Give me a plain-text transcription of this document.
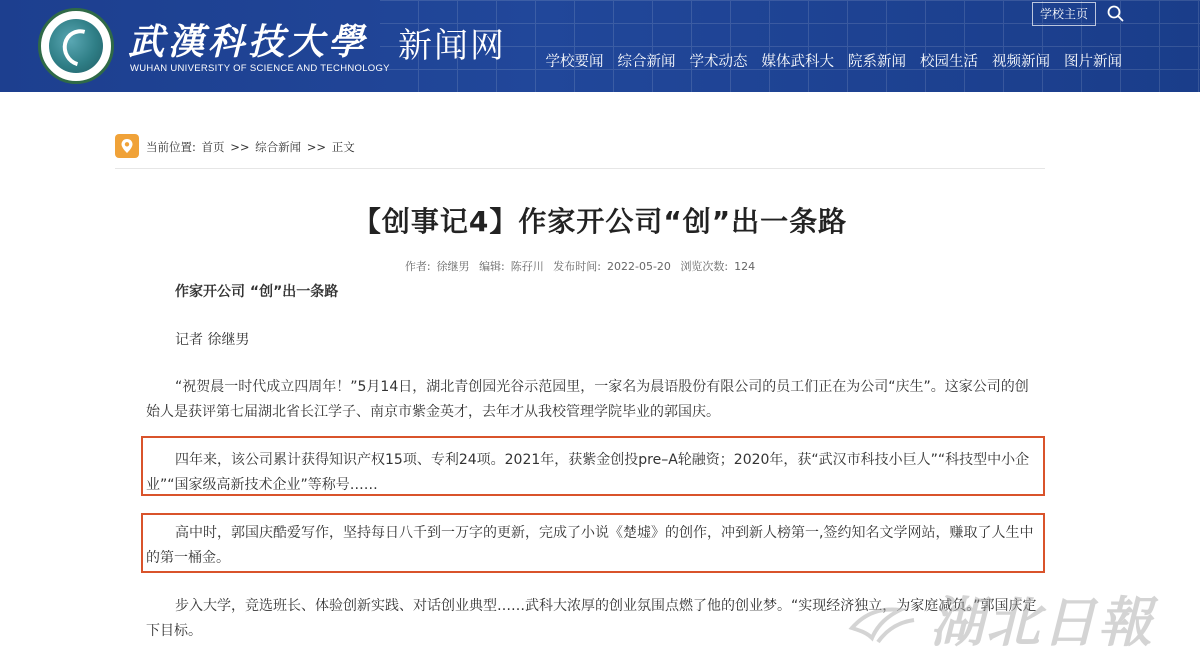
武漢科技大學
WUHAN UNIVERSITY OF SCIENCE AND TECHNOLOGY
新闻网
学校主页
学校要闻 综合新闻 学术动态 媒体武科大 院系新闻 校园生活 视频新闻 图片新闻
当前位置: 首页 >> 综合新闻 >> 正文
【创事记4】作家开公司“创”出一条路
作者: 徐继男 编辑: 陈孖川 发布时间: 2022-05-20 浏览次数: 124

作家开公司 “创”出一条路

记者 徐继男

“祝贺晨一时代成立四周年！”5月14日，湖北青创园光谷示范园里，一家名为晨语股份有限公司的员工们正在为公司“庆生”。这家公司的创始人是获评第七届湖北省长江学子、南京市紫金英才，去年才从我校管理学院毕业的郭国庆。

四年来，该公司累计获得知识产权15项、专利24项。2021年，获紫金创投pre–A轮融资；2020年，获“武汉市科技小巨人”“科技型中小企业”“国家级高新技术企业”等称号……

高中时，郭国庆酷爱写作，坚持每日八千到一万字的更新，完成了小说《楚墟》的创作，冲到新人榜第一,签约知名文学网站，赚取了人生中的第一桶金。

步入大学，竞选班长、体验创新实践、对话创业典型……武科大浓厚的创业氛围点燃了他的创业梦。“实现经济独立，为家庭减负。”郭国庆定下目标。	湖北日報
